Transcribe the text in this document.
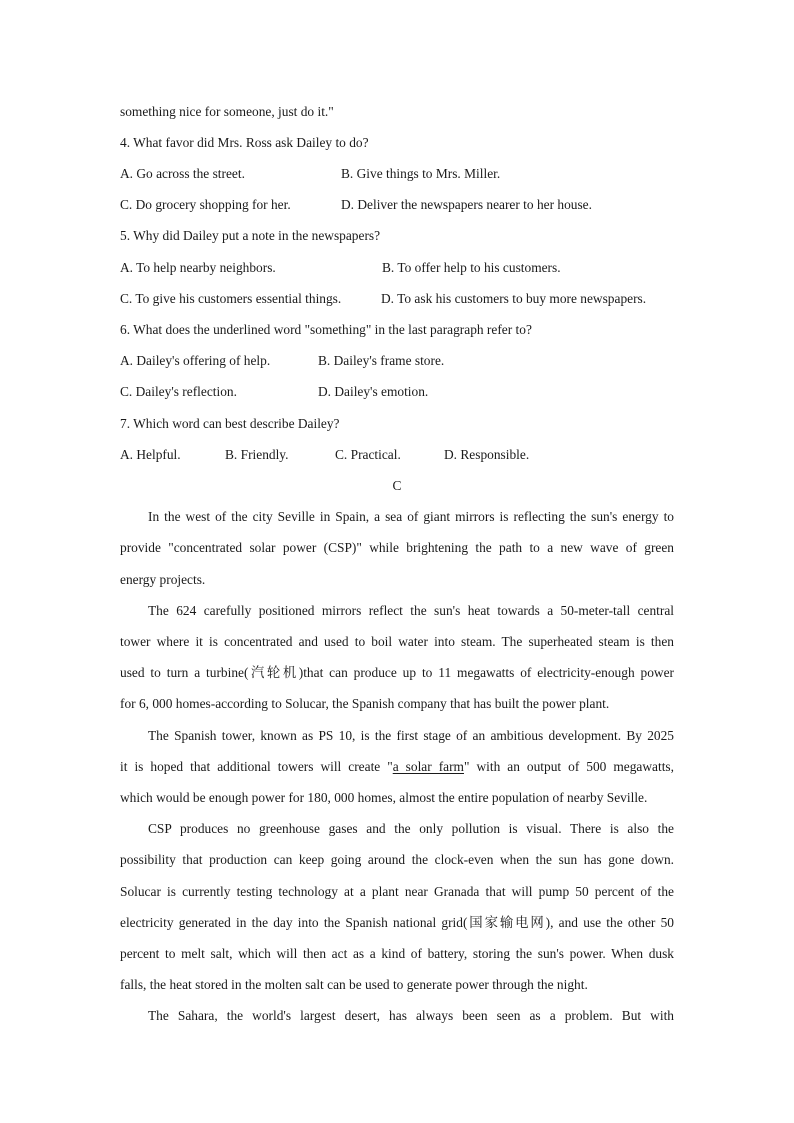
something nice for someone, just do it."
4. What favor did Mrs. Ross ask Dailey to do?
A. Go across the street.	B. Give things to Mrs. Miller.
C. Do grocery shopping for her.	D. Deliver the newspapers nearer to her house.
5. Why did Dailey put a note in the newspapers?
A. To help nearby neighbors.	B. To offer help to his customers.
C. To give his customers essential things.	D. To ask his customers to buy more newspapers.
6. What does the underlined word "something" in the last paragraph refer to?
A. Dailey's offering of help.	B. Dailey's frame store.
C. Dailey's reflection.	D. Dailey's emotion.
7. Which word can best describe Dailey?
A. Helpful.	B. Friendly.	C. Practical.	D. Responsible.
C
In the west of the city Seville in Spain, a sea of giant mirrors is reflecting the sun's energy to
provide "concentrated solar power (CSP)" while brightening the path to a new wave of green
energy projects.
The 624 carefully positioned mirrors reflect the sun's heat towards a 50-meter-tall central
tower where it is concentrated and used to boil water into steam. The superheated steam is then
used to turn a turbine(汽轮机)that can produce up to 11 megawatts of electricity-enough power
for 6, 000 homes-according to Solucar, the Spanish company that has built the power plant.
The Spanish tower, known as PS 10, is the first stage of an ambitious development. By 2025
it is hoped that additional towers will create "a solar farm" with an output of 500 megawatts,
which would be enough power for 180, 000 homes, almost the entire population of nearby Seville.
CSP produces no greenhouse gases and the only pollution is visual. There is also the
possibility that production can keep going around the clock-even when the sun has gone down.
Solucar is currently testing technology at a plant near Granada that will pump 50 percent of the
electricity generated in the day into the Spanish national grid(国家输电网), and use the other 50
percent to melt salt, which will then act as a kind of battery, storing the sun's power. When dusk
falls, the heat stored in the molten salt can be used to generate power through the night.
The Sahara, the world's largest desert, has always been seen as a problem. But with
